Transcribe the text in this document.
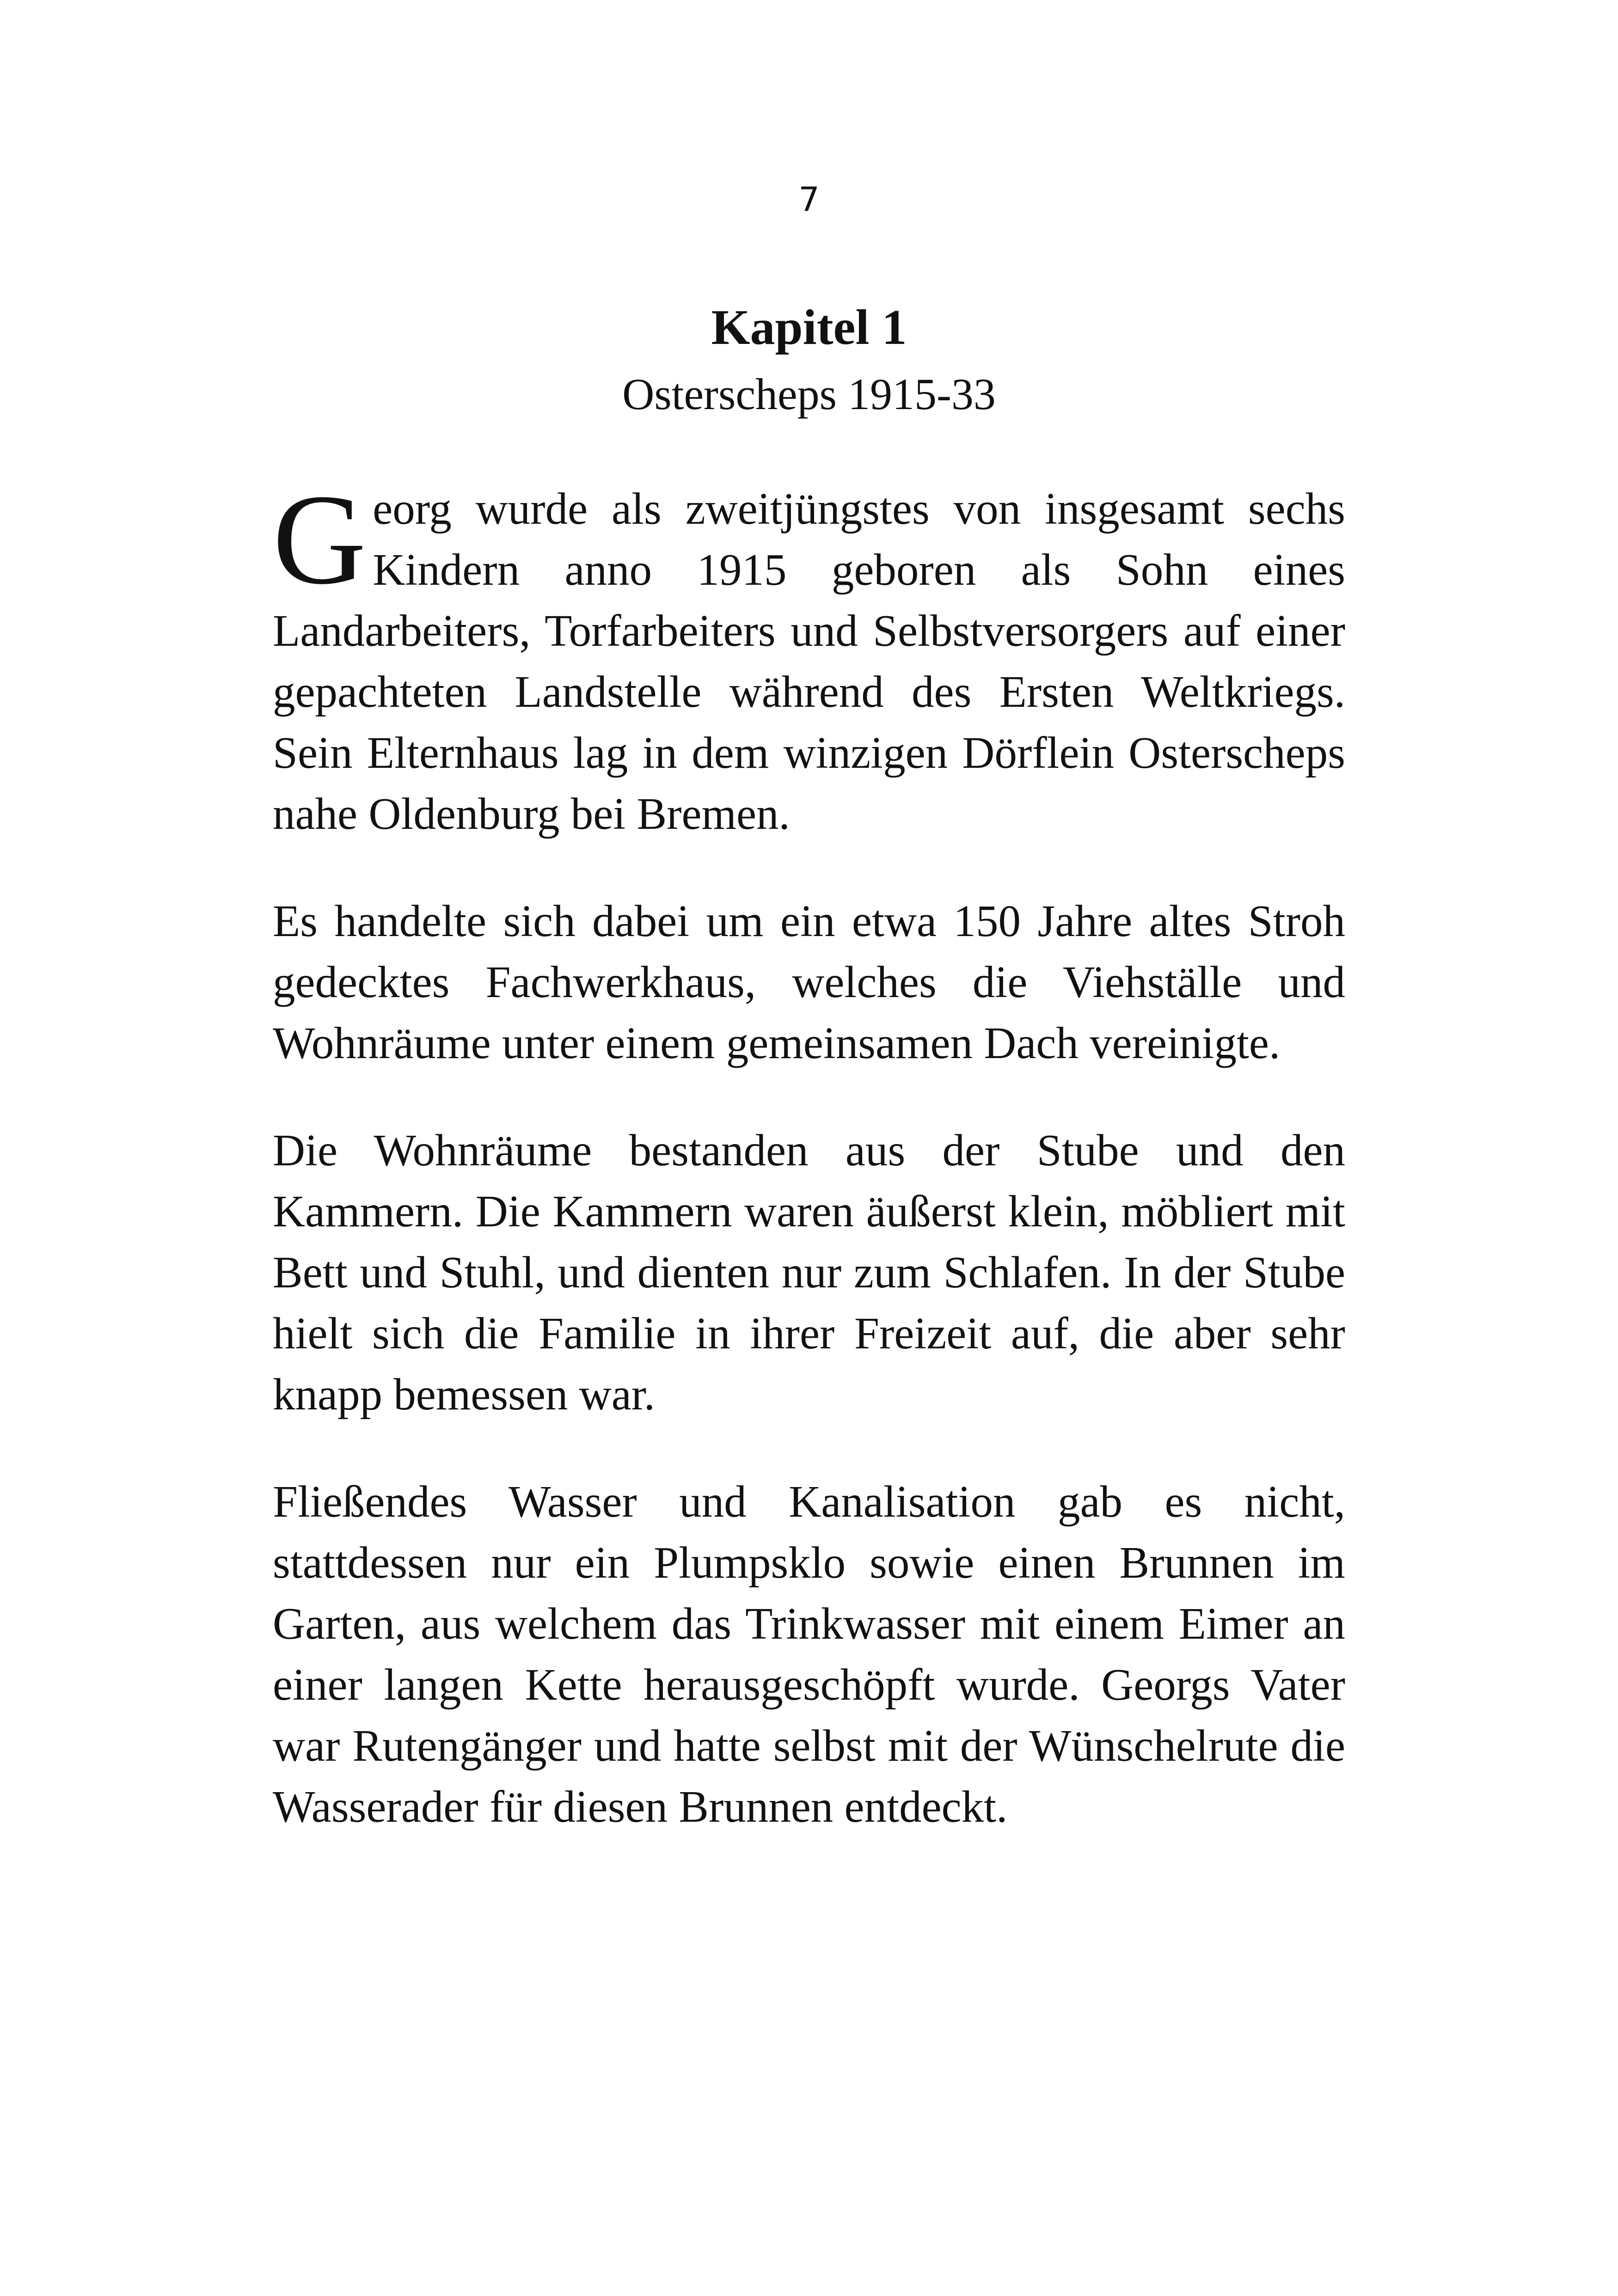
7
Kapitel 1
Osterscheps 1915-33

Georg wurde als zweitjüngstes von insgesamt sechs Kindern anno 1915 geboren als Sohn eines Landarbeiters, Torfarbeiters und Selbstversorgers auf einer gepachteten Landstelle während des Ersten Weltkriegs. Sein Elternhaus lag in dem winzigen Dörflein Osterscheps nahe Oldenburg bei Bremen.

Es handelte sich dabei um ein etwa 150 Jahre altes Stroh gedecktes Fachwerkhaus, welches die Viehställe und Wohnräume unter einem gemeinsamen Dach vereinigte.

Die Wohnräume bestanden aus der Stube und den Kammern. Die Kammern waren äußerst klein, möbliert mit Bett und Stuhl, und dienten nur zum Schlafen. In der Stube hielt sich die Familie in ihrer Freizeit auf, die aber sehr knapp bemessen war.

Fließendes Wasser und Kanalisation gab es nicht, stattdessen nur ein Plumpsklo sowie einen Brunnen im Garten, aus welchem das Trinkwasser mit einem Eimer an einer langen Kette herausgeschöpft wurde. Georgs Vater war Rutengänger und hatte selbst mit der Wünschelrute die Wasserader für diesen Brunnen entdeckt.
